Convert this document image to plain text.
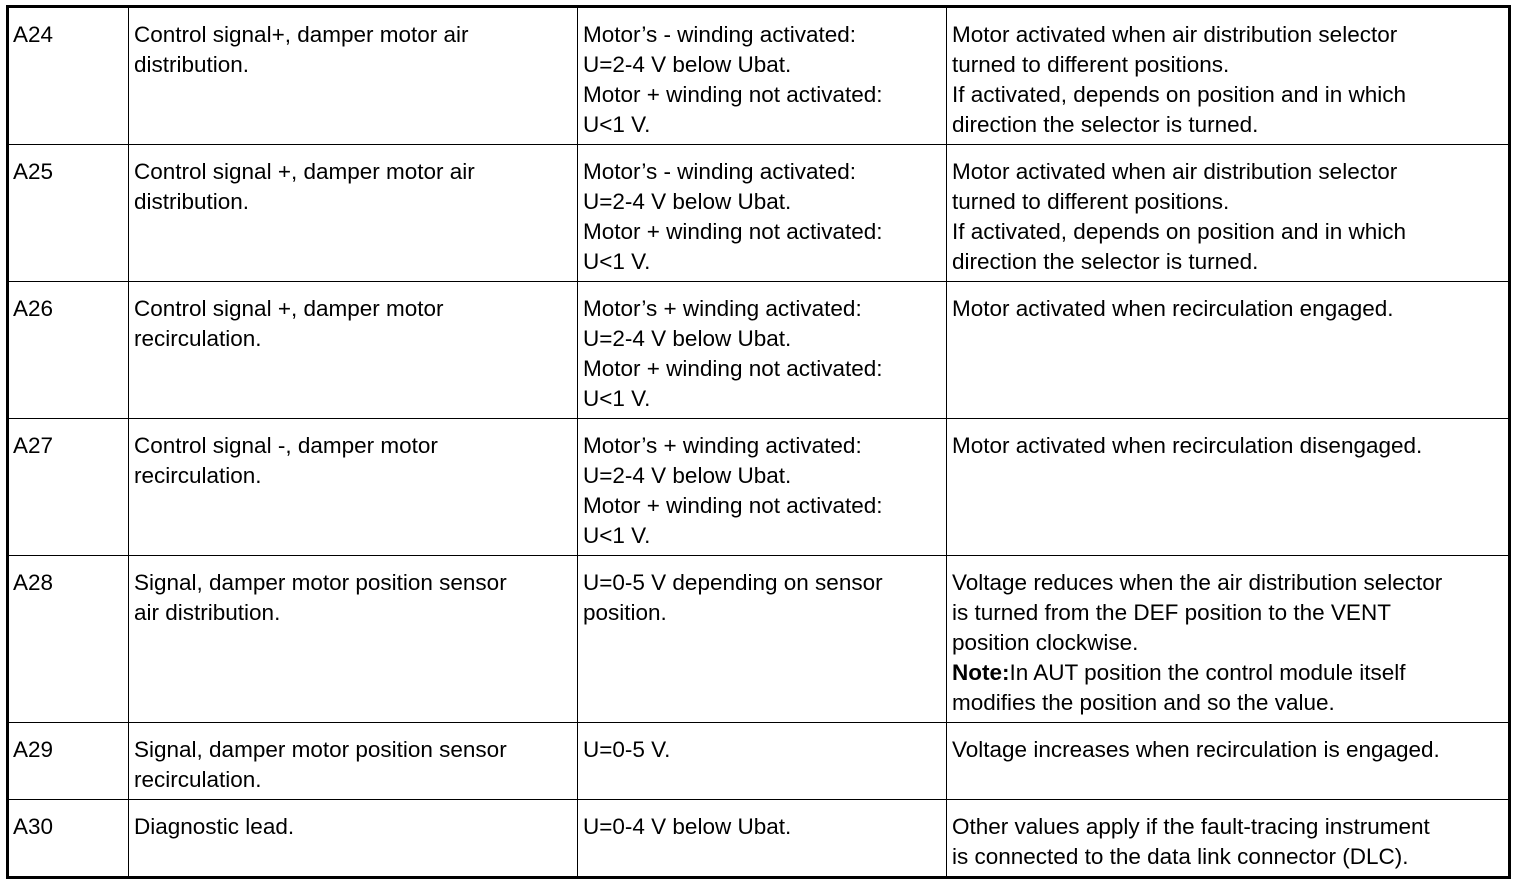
A24	Control signal+, damper motor air
distribution.	Motor’s - winding activated:
U=2-4 V below Ubat.
Motor + winding not activated:
U<1 V.	Motor activated when air distribution selector
turned to different positions.
If activated, depends on position and in which
direction the selector is turned.

A25	Control signal +, damper motor air
distribution.	Motor’s - winding activated:
U=2-4 V below Ubat.
Motor + winding not activated:
U<1 V.	Motor activated when air distribution selector
turned to different positions.
If activated, depends on position and in which
direction the selector is turned.

A26	Control signal +, damper motor
recirculation.	Motor’s + winding activated:
U=2-4 V below Ubat.
Motor + winding not activated:
U<1 V.	Motor activated when recirculation engaged.

A27	Control signal -, damper motor
recirculation.	Motor’s + winding activated:
U=2-4 V below Ubat.
Motor + winding not activated:
U<1 V.	Motor activated when recirculation disengaged.

A28	Signal, damper motor position sensor
air distribution.	U=0-5 V depending on sensor
position.	Voltage reduces when the air distribution selector
is turned from the DEF position to the VENT
position clockwise.
Note:In AUT position the control module itself
modifies the position and so the value.

A29	Signal, damper motor position sensor
recirculation.	U=0-5 V.	Voltage increases when recirculation is engaged.

A30	Diagnostic lead.	U=0-4 V below Ubat.	Other values apply if the fault-tracing instrument
is connected to the data link connector (DLC).
